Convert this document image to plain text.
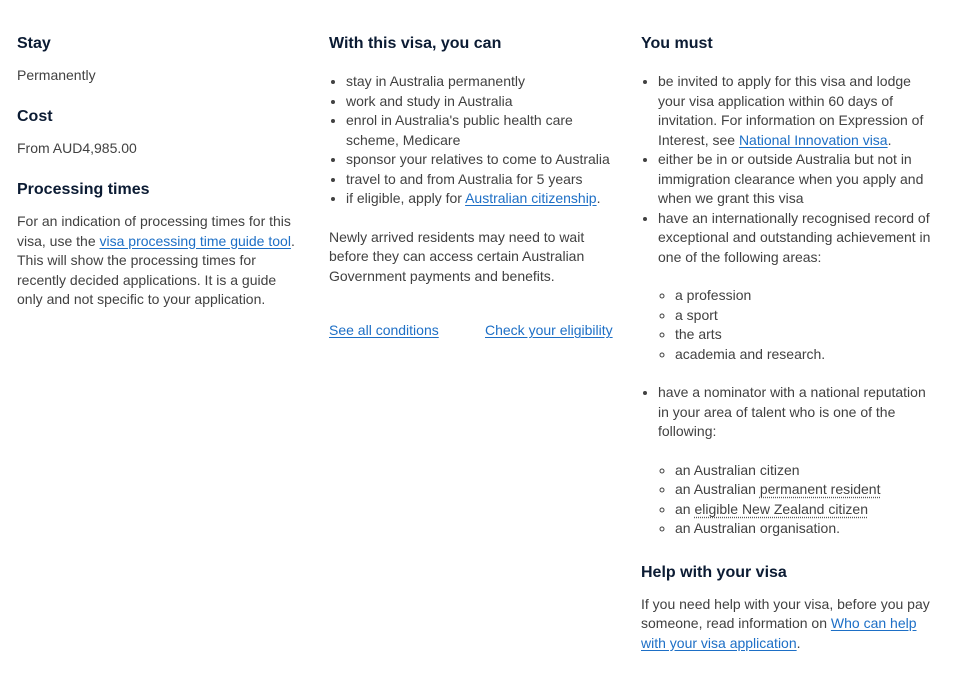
Stay

Permanently

Cost

From AUD4,985.00

Processing times

For an indication of processing times for this visa, use the visa processing time guide tool. This will show the processing times for recently decided applications. It is a guide only and not specific to your application.

With this visa, you can
• stay in Australia permanently
• work and study in Australia
• enrol in Australia's public health care scheme, Medicare
• sponsor your relatives to come to Australia
• travel to and from Australia for 5 years
• if eligible, apply for Australian citizenship.

Newly arrived residents may need to wait before they can access certain Australian Government payments and benefits.

See all conditions	Check your eligibility
You must
• be invited to apply for this visa and lodge your visa application within 60 days of invitation. For information on Expression of Interest, see National Innovation visa.
• either be in or outside Australia but not in immigration clearance when you apply and when we grant this visa
• have an internationally recognised record of exceptional and outstanding achievement in one of the following areas:
◦ a profession
◦ a sport
◦ the arts
◦ academia and research.
• have a nominator with a national reputation in your area of talent who is one of the following:
◦ an Australian citizen
◦ an Australian permanent resident
◦ an eligible New Zealand citizen
◦ an Australian organisation.
Help with your visa

If you need help with your visa, before you pay someone, read information on Who can help with your visa application.
